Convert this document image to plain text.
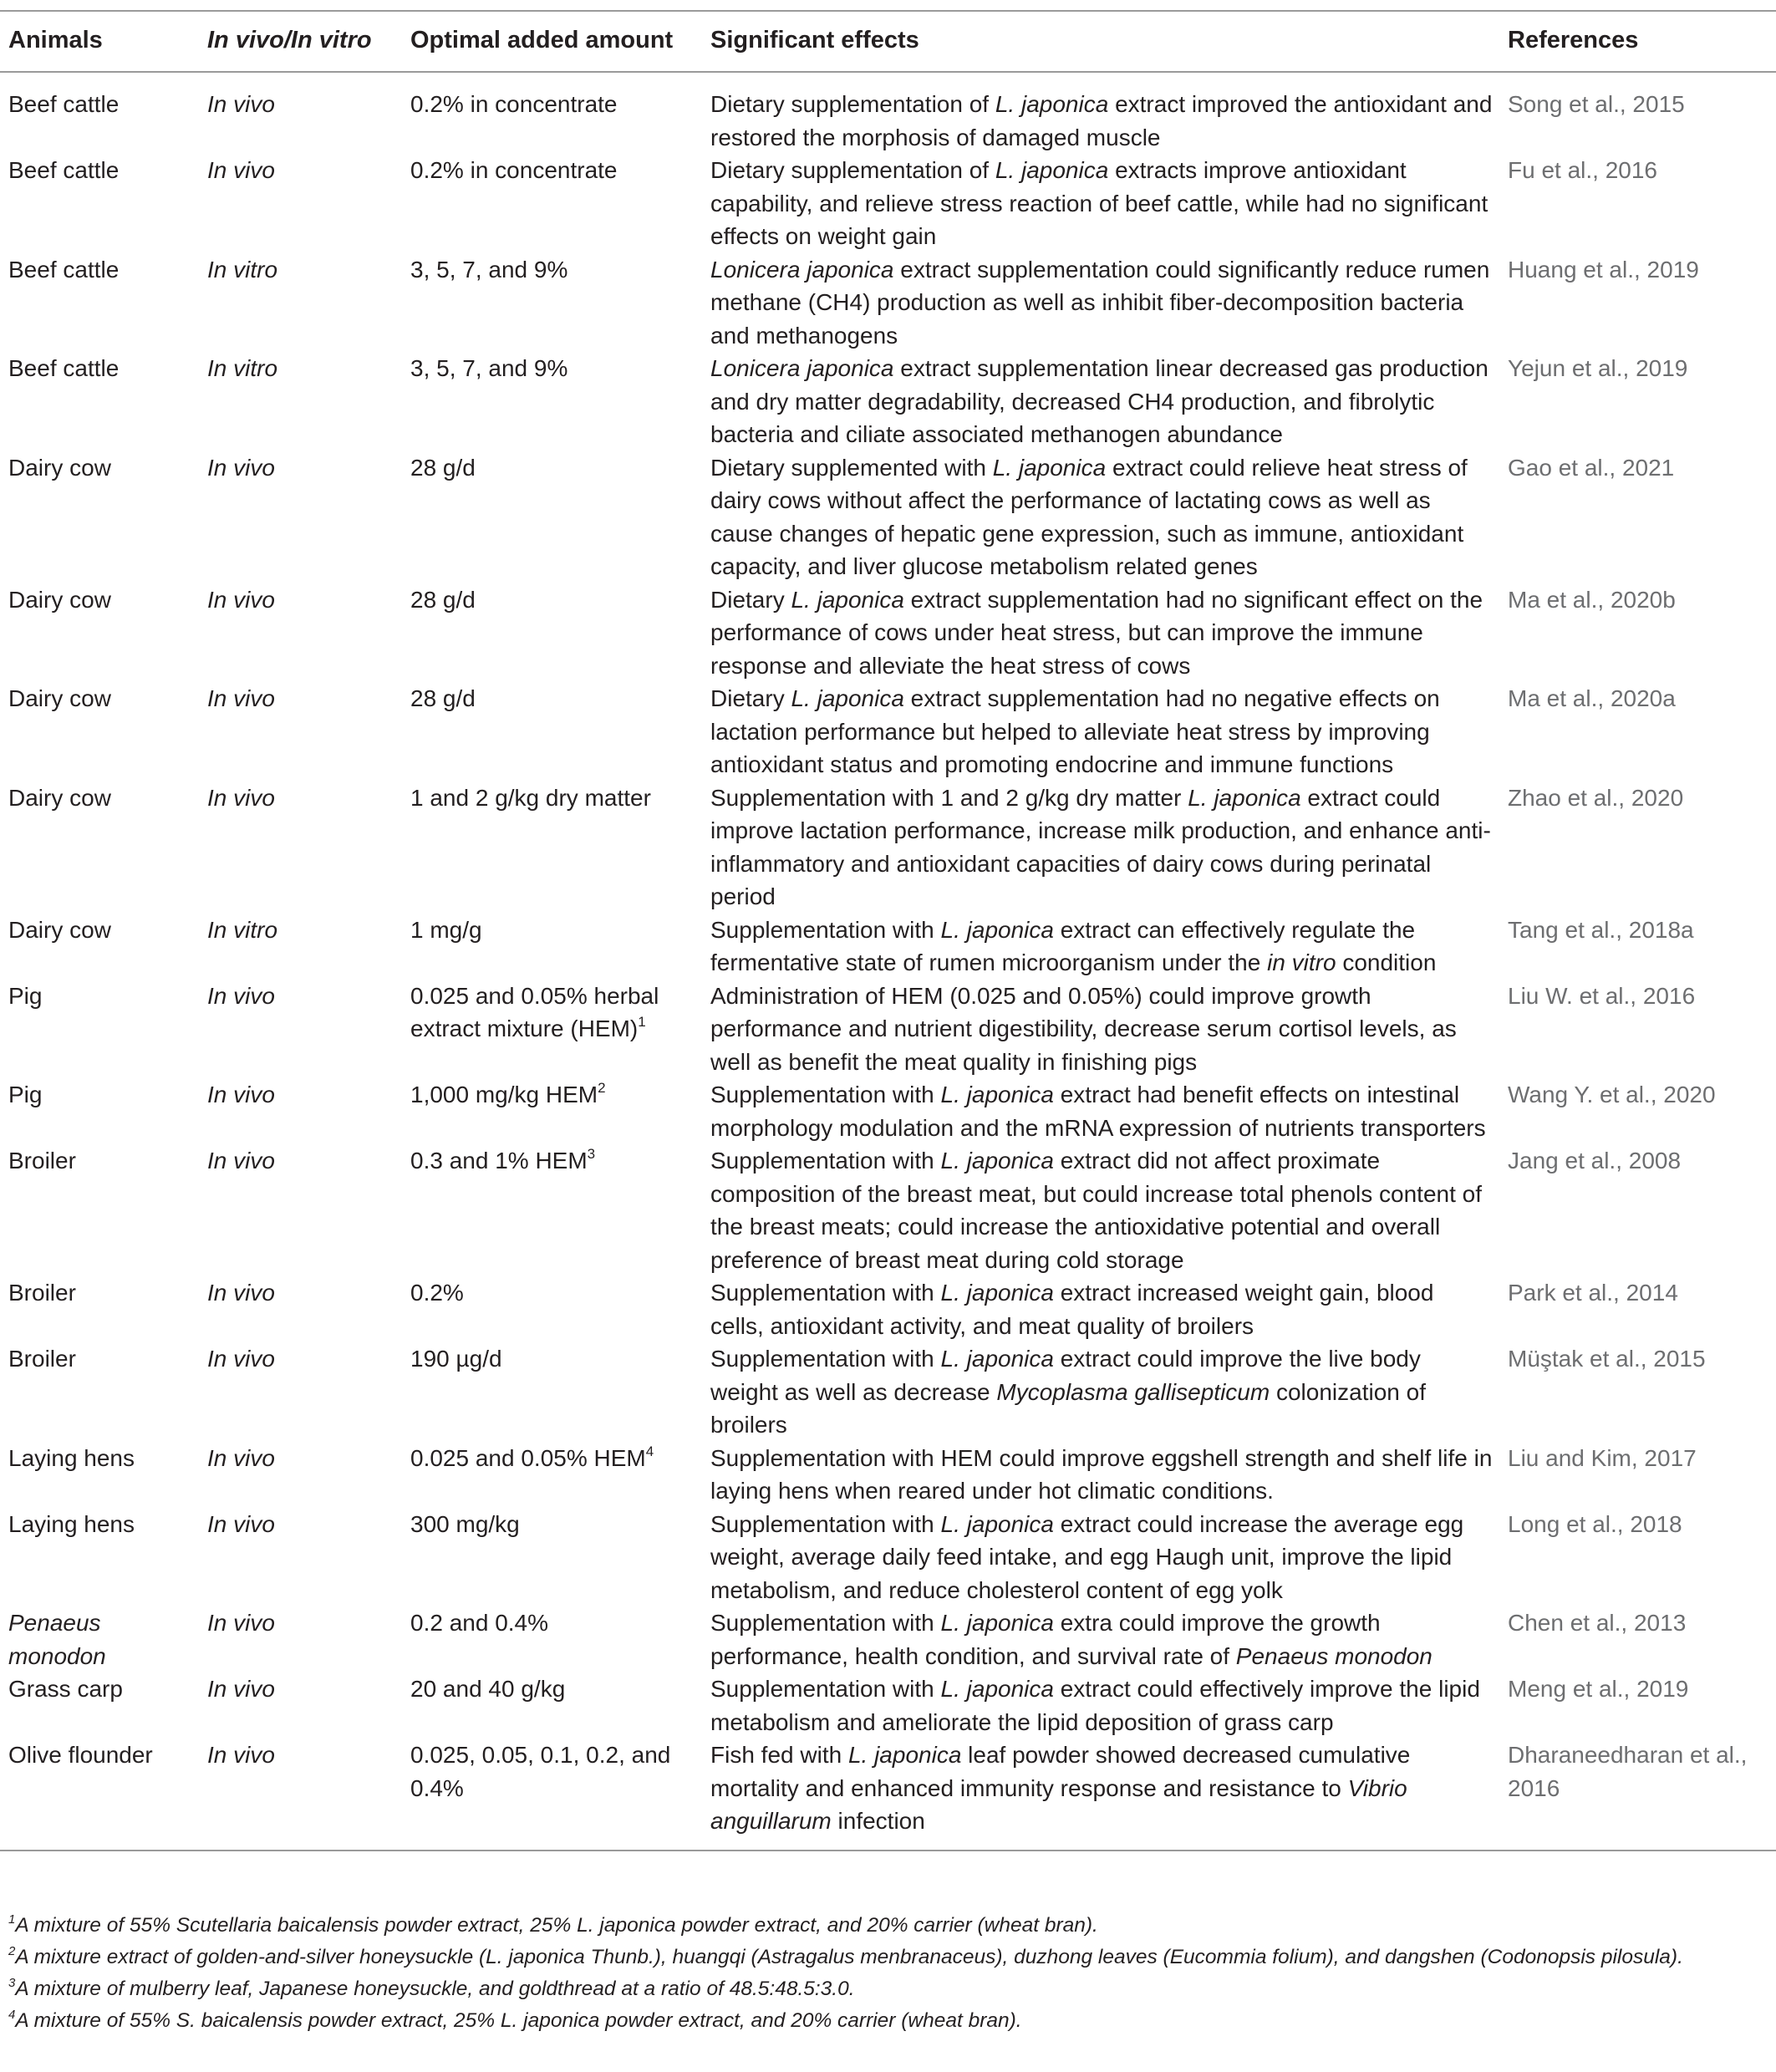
Animals	In vivo/In vitro	Optimal added amount	Significant effects	References
Beef cattle	In vivo	0.2% in concentrate	Dietary supplementation of L. japonica extract improved the antioxidant and restored the morphosis of damaged muscle	Song et al., 2015
Beef cattle	In vivo	0.2% in concentrate	Dietary supplementation of L. japonica extracts improve antioxidant capability, and relieve stress reaction of beef cattle, while had no significant effects on weight gain	Fu et al., 2016
Beef cattle	In vitro	3, 5, 7, and 9%	Lonicera japonica extract supplementation could significantly reduce rumen methane (CH4) production as well as inhibit fiber-decomposition bacteria and methanogens	Huang et al., 2019
Beef cattle	In vitro	3, 5, 7, and 9%	Lonicera japonica extract supplementation linear decreased gas production and dry matter degradability, decreased CH4 production, and fibrolytic bacteria and ciliate associated methanogen abundance	Yejun et al., 2019
Dairy cow	In vivo	28 g/d	Dietary supplemented with L. japonica extract could relieve heat stress of dairy cows without affect the performance of lactating cows as well as cause changes of hepatic gene expression, such as immune, antioxidant capacity, and liver glucose metabolism related genes	Gao et al., 2021
Dairy cow	In vivo	28 g/d	Dietary L. japonica extract supplementation had no significant effect on the performance of cows under heat stress, but can improve the immune response and alleviate the heat stress of cows	Ma et al., 2020b
Dairy cow	In vivo	28 g/d	Dietary L. japonica extract supplementation had no negative effects on lactation performance but helped to alleviate heat stress by improving antioxidant status and promoting endocrine and immune functions	Ma et al., 2020a
Dairy cow	In vivo	1 and 2 g/kg dry matter	Supplementation with 1 and 2 g/kg dry matter L. japonica extract could improve lactation performance, increase milk production, and enhance anti-inflammatory and antioxidant capacities of dairy cows during perinatal period	Zhao et al., 2020
Dairy cow	In vitro	1 mg/g	Supplementation with L. japonica extract can effectively regulate the fermentative state of rumen microorganism under the in vitro condition	Tang et al., 2018a
Pig	In vivo	0.025 and 0.05% herbal extract mixture (HEM)$^1$	Administration of HEM (0.025 and 0.05%) could improve growth performance and nutrient digestibility, decrease serum cortisol levels, as well as benefit the meat quality in finishing pigs	Liu W. et al., 2016
Pig	In vivo	1,000 mg/kg HEM$^2$	Supplementation with L. japonica extract had benefit effects on intestinal morphology modulation and the mRNA expression of nutrients transporters	Wang Y. et al., 2020
Broiler	In vivo	0.3 and 1% HEM$^3$	Supplementation with L. japonica extract did not affect proximate composition of the breast meat, but could increase total phenols content of the breast meats; could increase the antioxidative potential and overall preference of breast meat during cold storage	Jang et al., 2008
Broiler	In vivo	0.2%	Supplementation with L. japonica extract increased weight gain, blood cells, antioxidant activity, and meat quality of broilers	Park et al., 2014
Broiler	In vivo	190 µg/d	Supplementation with L. japonica extract could improve the live body weight as well as decrease Mycoplasma gallisepticum colonization of broilers	Müştak et al., 2015
Laying hens	In vivo	0.025 and 0.05% HEM$^4$	Supplementation with HEM could improve eggshell strength and shelf life in laying hens when reared under hot climatic conditions.	Liu and Kim, 2017
Laying hens	In vivo	300 mg/kg	Supplementation with L. japonica extract could increase the average egg weight, average daily feed intake, and egg Haugh unit, improve the lipid metabolism, and reduce cholesterol content of egg yolk	Long et al., 2018
Penaeus monodon	In vivo	0.2 and 0.4%	Supplementation with L. japonica extra could improve the growth performance, health condition, and survival rate of Penaeus monodon	Chen et al., 2013
Grass carp	In vivo	20 and 40 g/kg	Supplementation with L. japonica extract could effectively improve the lipid metabolism and ameliorate the lipid deposition of grass carp	Meng et al., 2019
Olive flounder	In vivo	0.025, 0.05, 0.1, 0.2, and 0.4%	Fish fed with L. japonica leaf powder showed decreased cumulative mortality and enhanced immunity response and resistance to Vibrio anguillarum infection	Dharaneedharan et al., 2016

$^1$A mixture of 55% Scutellaria baicalensis powder extract, 25% L. japonica powder extract, and 20% carrier (wheat bran).

$^2$A mixture extract of golden-and-silver honeysuckle (L. japonica Thunb.), huangqi (Astragalus menbranaceus), duzhong leaves (Eucommia folium), and dangshen (Codonopsis pilosula).

$^3$A mixture of mulberry leaf, Japanese honeysuckle, and goldthread at a ratio of 48.5:48.5:3.0.

$^4$A mixture of 55% S. baicalensis powder extract, 25% L. japonica powder extract, and 20% carrier (wheat bran).
